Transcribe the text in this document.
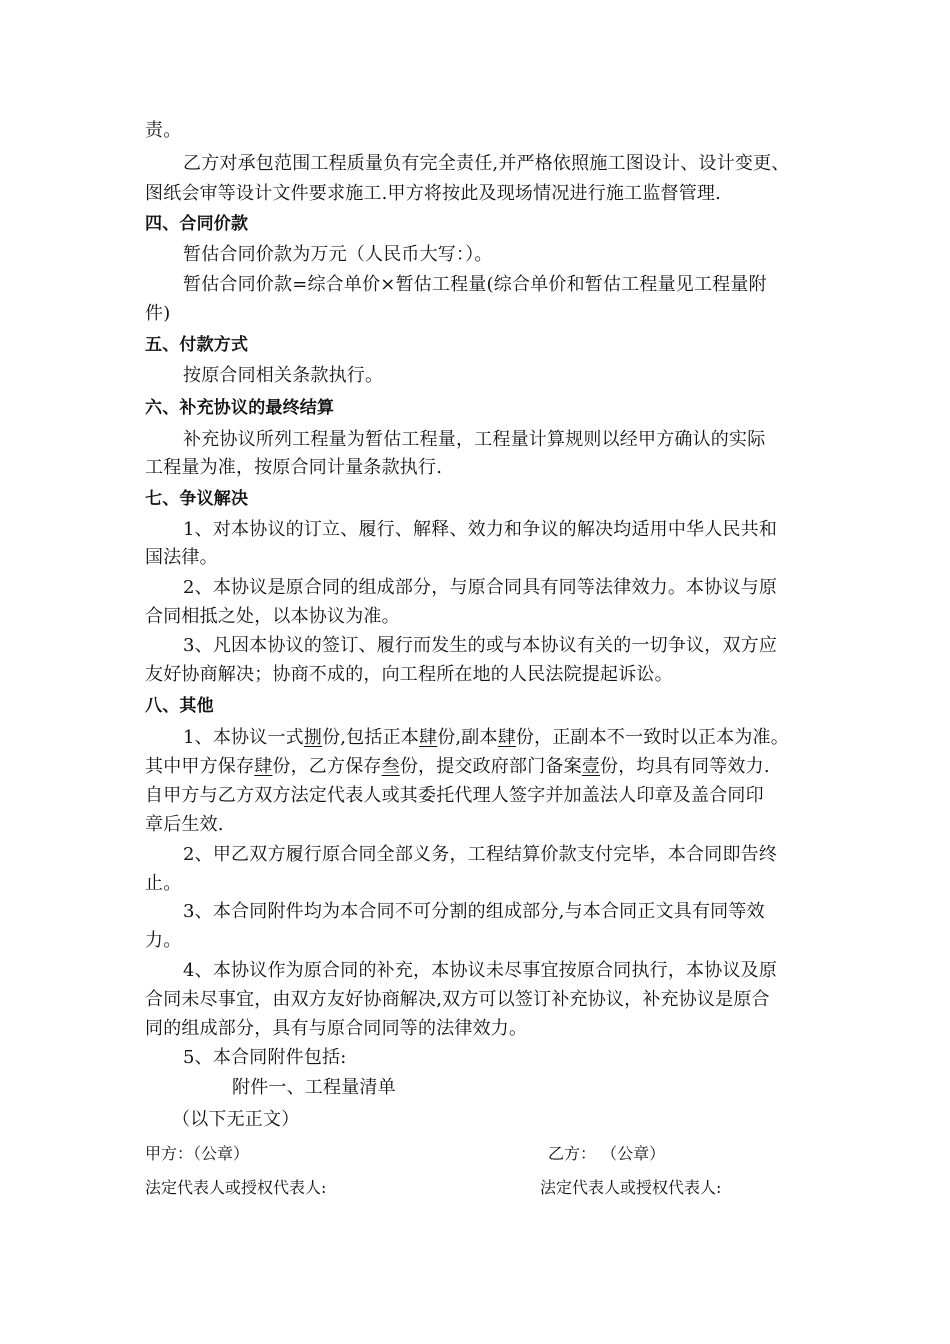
责。
乙方对承包范围工程质量负有完全责任,并严格依照施工图设计、设计变更、
图纸会审等设计文件要求施工.甲方将按此及现场情况进行施工监督管理.
四、合同价款
暂估合同价款为万元（人民币大写：）。
暂估合同价款=综合单价×暂估工程量(综合单价和暂估工程量见工程量附
件)
五、付款方式
按原合同相关条款执行。
六、补充协议的最终结算
补充协议所列工程量为暂估工程量，工程量计算规则以经甲方确认的实际
工程量为准，按原合同计量条款执行.
七、争议解决
1、对本协议的订立、履行、解释、效力和争议的解决均适用中华人民共和
国法律。
2、本协议是原合同的组成部分，与原合同具有同等法律效力。本协议与原
合同相抵之处，以本协议为准。
3、凡因本协议的签订、履行而发生的或与本协议有关的一切争议，双方应
友好协商解决；协商不成的，向工程所在地的人民法院提起诉讼。
八、其他
1、本协议一式捌份,包括正本肆份,副本肆份，正副本不一致时以正本为准。
其中甲方保存肆份，乙方保存叁份，提交政府部门备案壹份，均具有同等效力.
自甲方与乙方双方法定代表人或其委托代理人签字并加盖法人印章及盖合同印
章后生效.
2、甲乙双方履行原合同全部义务，工程结算价款支付完毕，本合同即告终
止。
3、本合同附件均为本合同不可分割的组成部分,与本合同正文具有同等效
力。
4、本协议作为原合同的补充，本协议未尽事宜按原合同执行，本协议及原
合同未尽事宜，由双方友好协商解决,双方可以签订补充协议，补充协议是原合
同的组成部分，具有与原合同同等的法律效力。
5、本合同附件包括:
附件一、工程量清单
（以下无正文）
甲方：（公章）	乙方： （公章）
法定代表人或授权代表人:	法定代表人或授权代表人:
